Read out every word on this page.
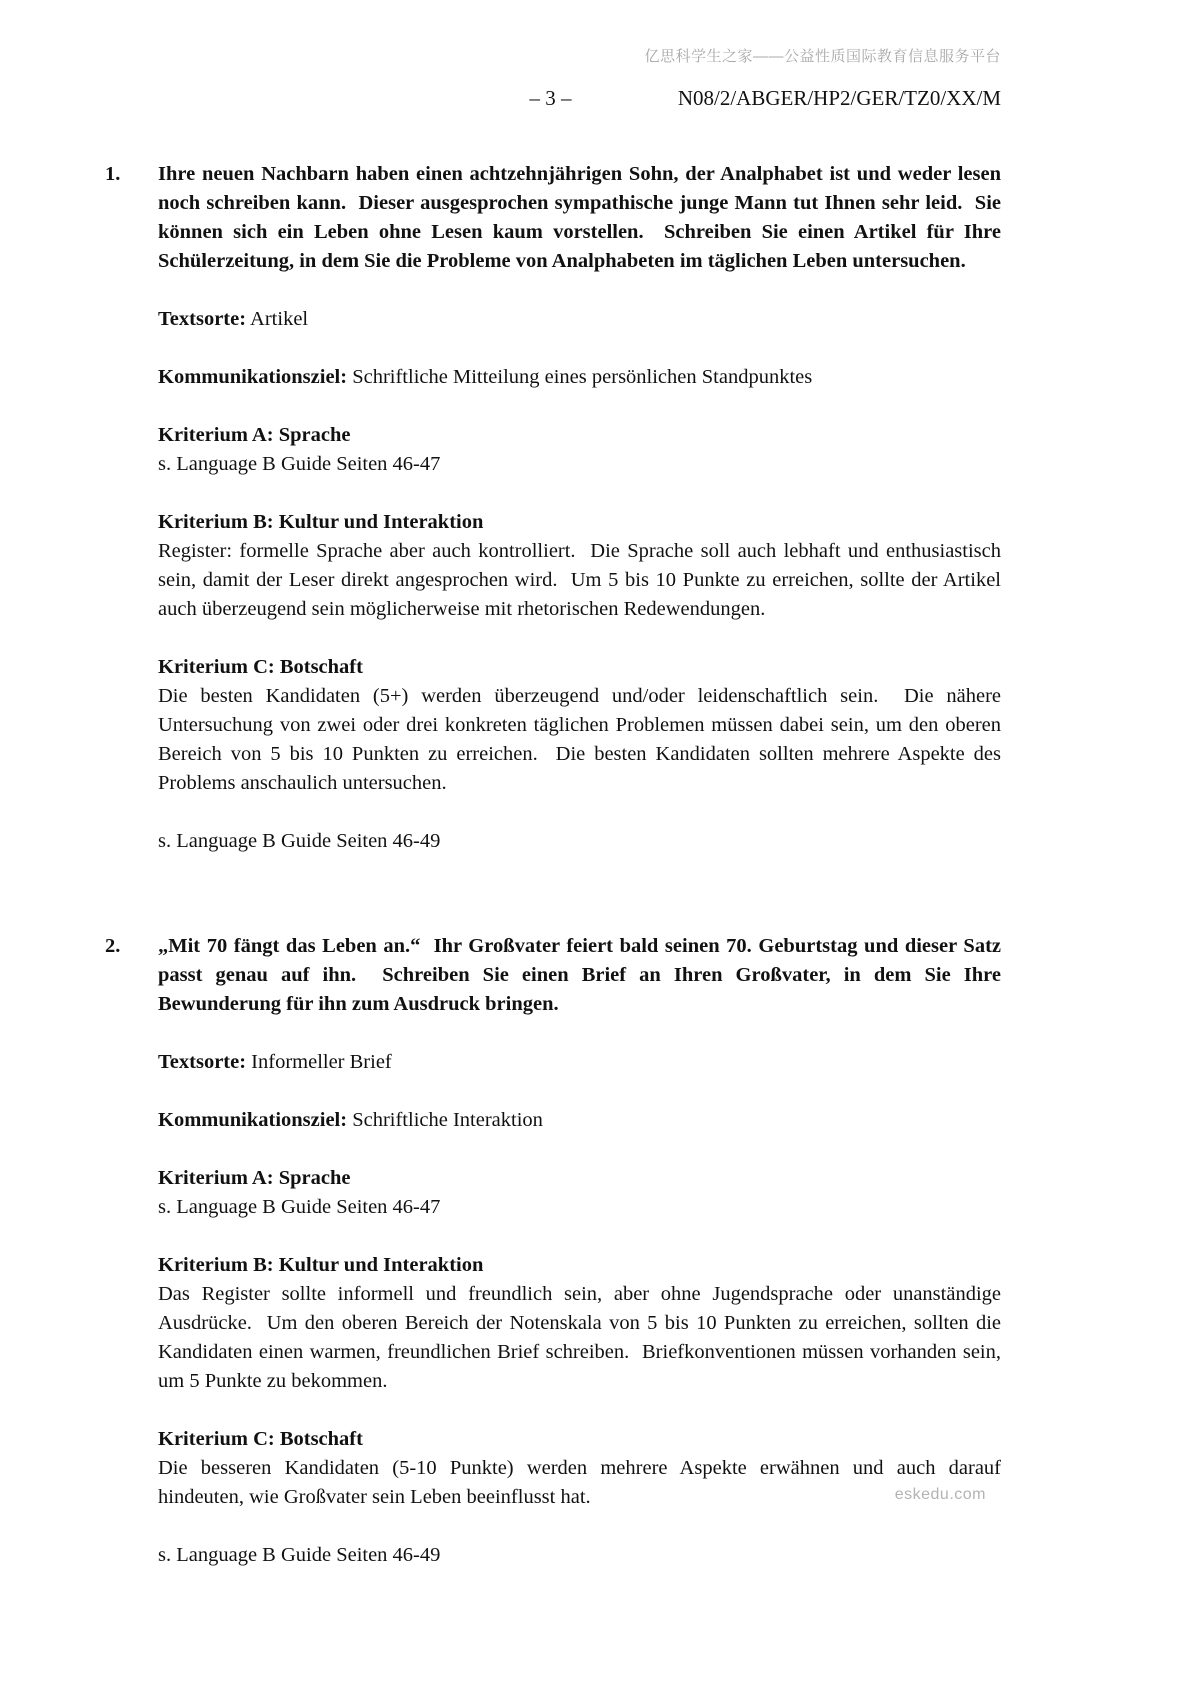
亿思科学生之家——公益性质国际教育信息服务平台
– 3 –	N08/2/ABGER/HP2/GER/TZ0/XX/M
1.	Ihre neuen Nachbarn haben einen achtzehnjährigen Sohn, der Analphabet ist und weder lesen noch schreiben kann.  Dieser ausgesprochen sympathische junge Mann tut Ihnen sehr leid.  Sie können sich ein Leben ohne Lesen kaum vorstellen.  Schreiben Sie einen Artikel für Ihre Schülerzeitung, in dem Sie die Probleme von Analphabeten im täglichen Leben untersuchen.

Textsorte: Artikel

Kommunikationsziel: Schriftliche Mitteilung eines persönlichen Standpunktes

Kriterium A: Sprache

s. Language B Guide Seiten 46-47

Kriterium B: Kultur und Interaktion

Register: formelle Sprache aber auch kontrolliert.  Die Sprache soll auch lebhaft und enthusiastisch sein, damit der Leser direkt angesprochen wird.  Um 5 bis 10 Punkte zu erreichen, sollte der Artikel auch überzeugend sein möglicherweise mit rhetorischen Redewendungen.

Kriterium C: Botschaft

Die besten Kandidaten (5+) werden überzeugend und/oder leidenschaftlich sein.  Die nähere Untersuchung von zwei oder drei konkreten täglichen Problemen müssen dabei sein, um den oberen Bereich von 5 bis 10 Punkten zu erreichen.  Die besten Kandidaten sollten mehrere Aspekte des Problems anschaulich untersuchen.

s. Language B Guide Seiten 46-49

2.	„Mit 70 fängt das Leben an.“  Ihr Großvater feiert bald seinen 70. Geburtstag und dieser Satz passt genau auf ihn.  Schreiben Sie einen Brief an Ihren Großvater, in dem Sie Ihre Bewunderung für ihn zum Ausdruck bringen.

Textsorte: Informeller Brief

Kommunikationsziel: Schriftliche Interaktion

Kriterium A: Sprache

s. Language B Guide Seiten 46-47

Kriterium B: Kultur und Interaktion

Das Register sollte informell und freundlich sein, aber ohne Jugendsprache oder unanständige Ausdrücke.  Um den oberen Bereich der Notenskala von 5 bis 10 Punkten zu erreichen, sollten die Kandidaten einen warmen, freundlichen Brief schreiben.  Briefkonventionen müssen vorhanden sein, um 5 Punkte zu bekommen.

Kriterium C: Botschaft

Die besseren Kandidaten (5-10 Punkte) werden mehrere Aspekte erwähnen und auch darauf hindeuten, wie Großvater sein Leben beeinflusst hat.

s. Language B Guide Seiten 46-49

eskedu.com
